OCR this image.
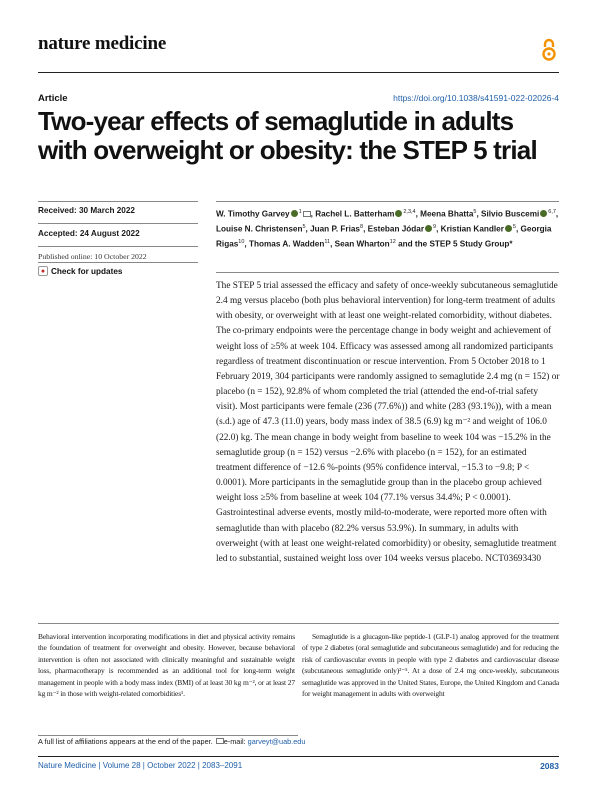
nature medicine
Article	https://doi.org/10.1038/s41591-022-02026-4
Two-year effects of semaglutide in adults
with overweight or obesity: the STEP 5 trial
Received: 30 March 2022
Accepted: 24 August 2022
Published online: 10 October 2022
● Check for updates
W. Timothy Garvey $^1$ , Rachel L. Batterham $^{2,3,4}$, Meena Bhatta$^5$, Silvio Buscemi $^{6,7}$, Louise N. Christensen$^5$, Juan P. Frias$^8$, Esteban Jódar $^9$, Kristian Kandler $^5$, Georgia Rigas$^{10}$, Thomas A. Wadden$^{11}$, Sean Wharton$^{12}$ and the STEP 5 Study Group*
The STEP 5 trial assessed the efficacy and safety of once-weekly subcutaneous semaglutide 2.4 mg versus placebo (both plus behavioral intervention) for long-term treatment of adults with obesity, or overweight with at least one weight-related comorbidity, without diabetes. The co-primary endpoints were the percentage change in body weight and achievement of weight loss of ≥5% at week 104. Efficacy was assessed among all randomized participants regardless of treatment discontinuation or rescue intervention. From 5 October 2018 to 1 February 2019, 304 participants were randomly assigned to semaglutide 2.4 mg (n = 152) or placebo (n = 152), 92.8% of whom completed the trial (attended the end-of-trial safety visit). Most participants were female (236 (77.6%)) and white (283 (93.1%)), with a mean (s.d.) age of 47.3 (11.0) years, body mass index of 38.5 (6.9) kg m⁻² and weight of 106.0 (22.0) kg. The mean change in body weight from baseline to week 104 was −15.2% in the semaglutide group (n = 152) versus −2.6% with placebo (n = 152), for an estimated treatment difference of −12.6 %-points (95% confidence interval, −15.3 to −9.8; P < 0.0001). More participants in the semaglutide group than in the placebo group achieved weight loss ≥5% from baseline at week 104 (77.1% versus 34.4%; P < 0.0001). Gastrointestinal adverse events, mostly mild-to-moderate, were reported more often with semaglutide than with placebo (82.2% versus 53.9%). In summary, in adults with overweight (with at least one weight-related comorbidity) or obesity, semaglutide treatment led to substantial, sustained weight loss over 104 weeks versus placebo. NCT03693430
Behavioral intervention incorporating modifications in diet and physical activity remains the foundation of treatment for overweight and obesity. However, because behavioral intervention is often not associated with clinically meaningful and sustainable weight loss, pharmacotherapy is recommended as an additional tool for long-term weight management in people with a body mass index (BMI) of at least 30 kg m⁻², or at least 27 kg m⁻² in those with weight-related comorbidities¹.
Semaglutide is a glucagon-like peptide-1 (GLP-1) analog approved for the treatment of type 2 diabetes (oral semaglutide and subcutaneous semaglutide) and for reducing the risk of cardiovascular events in people with type 2 diabetes and cardiovascular disease (subcutaneous semaglutide only)²⁻⁵. At a dose of 2.4 mg once-weekly, subcutaneous semaglutide was approved in the United States, Europe, the United Kingdom and Canada for weight management in adults with overweight
A full list of affiliations appears at the end of the paper. e-mail: garveyt@uab.edu
Nature Medicine | Volume 28 | October 2022 | 2083–2091	2083
